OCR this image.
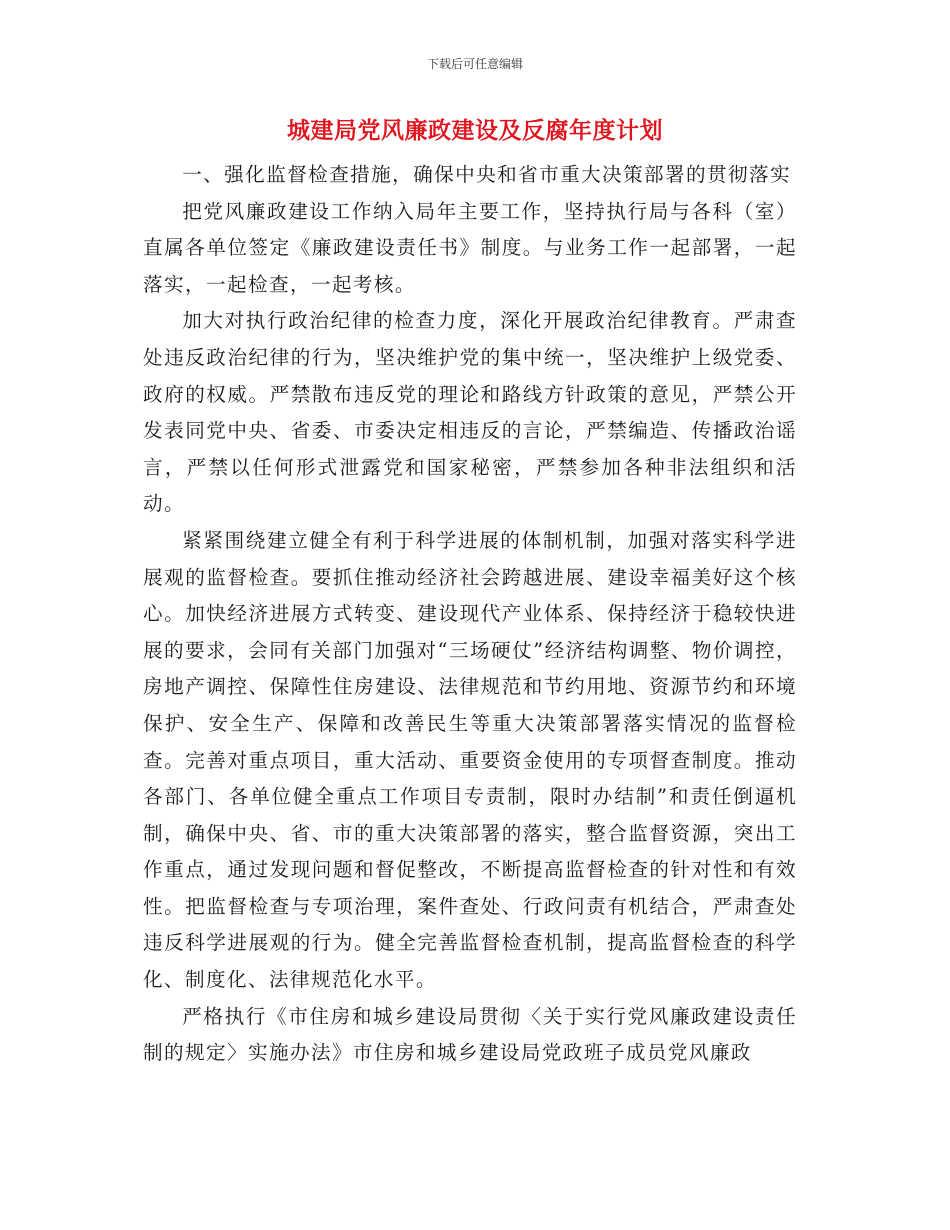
下载后可任意编辑
城建局党风廉政建设及反腐年度计划

一、强化监督检查措施，确保中央和省市重大决策部署的贯彻落实

把党风廉政建设工作纳入局年主要工作，坚持执行局与各科（室）直属各单位签定《廉政建设责任书》制度。与业务工作一起部署，一起落实，一起检查，一起考核。

加大对执行政治纪律的检查力度，深化开展政治纪律教育。严肃查处违反政治纪律的行为，坚决维护党的集中统一，坚决维护上级党委、政府的权威。严禁散布违反党的理论和路线方针政策的意见，严禁公开发表同党中央、省委、市委决定相违反的言论，严禁编造、传播政治谣言，严禁以任何形式泄露党和国家秘密，严禁参加各种非法组织和活动。

紧紧围绕建立健全有利于科学进展的体制机制，加强对落实科学进展观的监督检查。要抓住推动经济社会跨越进展、建设幸福美好这个核心。加快经济进展方式转变、建设现代产业体系、保持经济于稳较快进展的要求，会同有关部门加强对“三场硬仗”经济结构调整、物价调控，房地产调控、保障性住房建设、法律规范和节约用地、资源节约和环境保护、安全生产、保障和改善民生等重大决策部署落实情况的监督检查。完善对重点项目，重大活动、重要资金使用的专项督查制度。推动各部门、各单位健全重点工作项目专责制，限时办结制”和责任倒逼机制，确保中央、省、市的重大决策部署的落实，整合监督资源，突出工作重点，通过发现问题和督促整改，不断提高监督检查的针对性和有效性。把监督检查与专项治理，案件查处、行政问责有机结合，严肃查处违反科学进展观的行为。健全完善监督检查机制，提高监督检查的科学化、制度化、法律规范化水平。

严格执行《市住房和城乡建设局贯彻〈关于实行党风廉政建设责任制的规定〉实施办法》市住房和城乡建设局党政班子成员党风廉政
